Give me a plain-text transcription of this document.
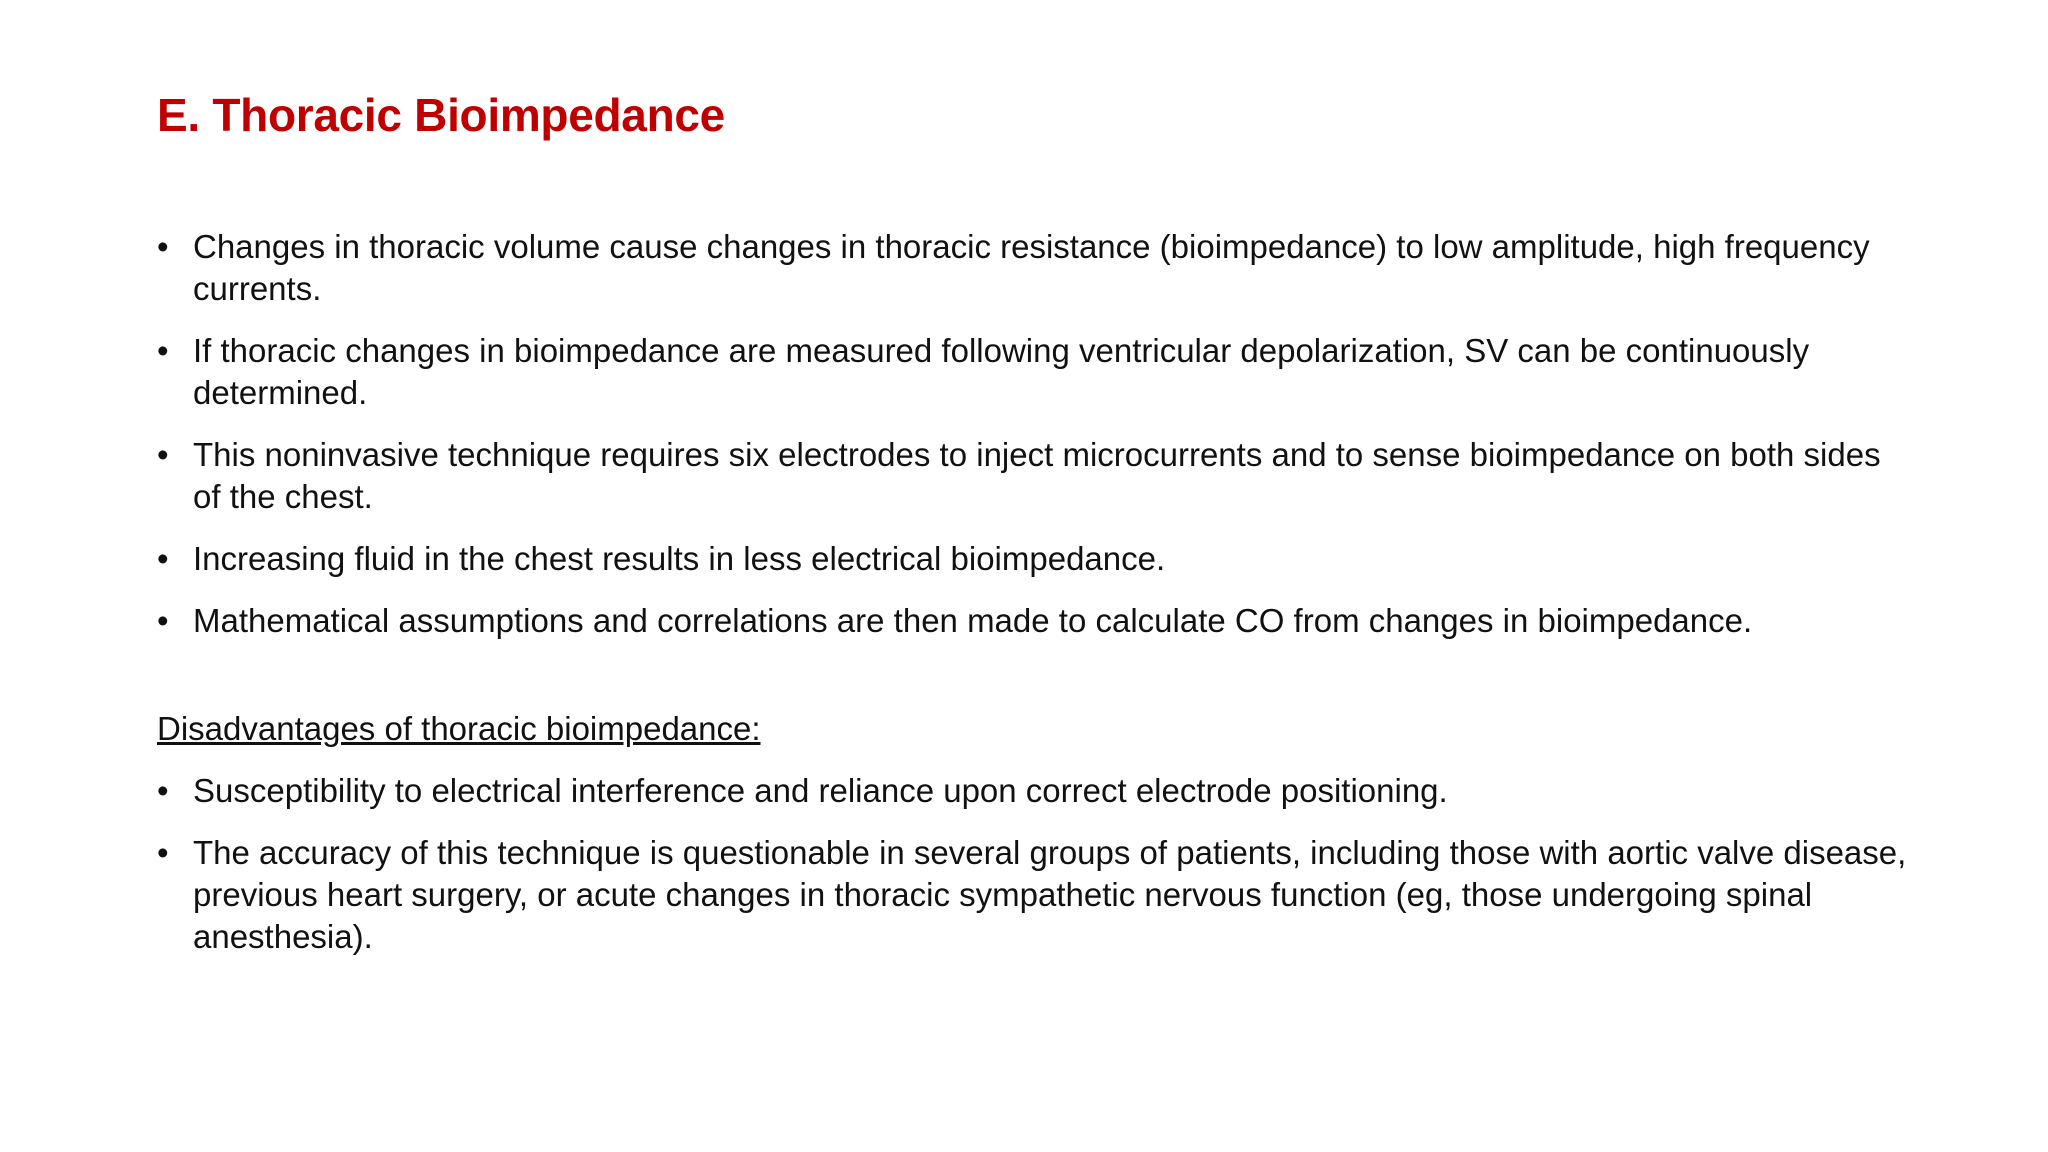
E. Thoracic Bioimpedance
• Changes in thoracic volume cause changes in thoracic resistance (bioimpedance) to low amplitude, high frequency currents.
• If thoracic changes in bioimpedance are measured following ventricular depolarization, SV can be continuously determined.
• This noninvasive technique requires six electrodes to inject microcurrents and to sense bioimpedance on both sides of the chest.
• Increasing fluid in the chest results in less electrical bioimpedance.
• Mathematical assumptions and correlations are then made to calculate CO from changes in bioimpedance.
Disadvantages of thoracic bioimpedance:
• Susceptibility to electrical interference and reliance upon correct electrode positioning.
• The accuracy of this technique is questionable in several groups of patients, including those with aortic valve disease, previous heart surgery, or acute changes in thoracic sympathetic nervous function (eg, those undergoing spinal anesthesia).
